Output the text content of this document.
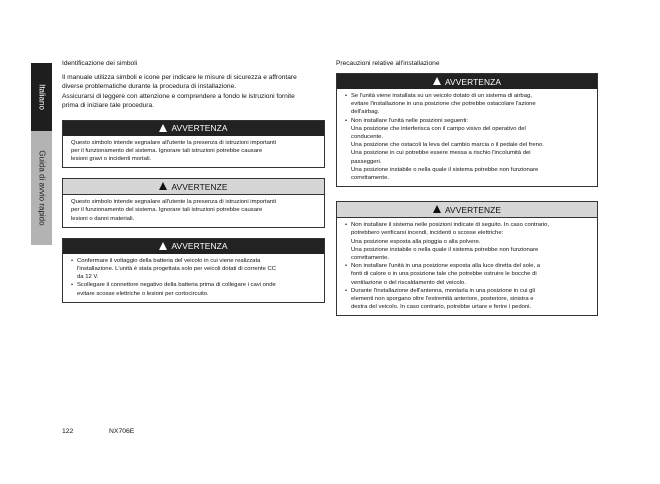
Italiano
Guida di avvio rapido
Identificazione dei simboli
Il manuale utilizza simboli e icone per indicare le misure di sicurezza e affrontare
diverse problematiche durante la procedura di installazione.
Assicurarsi di leggere con attenzione e comprendere a fondo le istruzioni fornite
prima di iniziare tale procedura.
AVVERTENZA

Questo simbolo intende segnalare all'utente la presenza di istruzioni importanti

per il funzionamento del sistema. Ignorare tali istruzioni potrebbe causare

lesioni gravi o incidenti mortali.

AVVERTENZE

Questo simbolo intende segnalare all'utente la presenza di istruzioni importanti

per il funzionamento del sistema. Ignorare tali istruzioni potrebbe causare

lesioni o danni materiali.

AVVERTENZA
• Confermare il voltaggio della batteria del veicolo in cui viene realizzata
l'installazione. L'unità è stata progettata solo per veicoli dotati di corrente CC
da 12 V.
• Scollegare il connettore negativo della batteria prima di collegare i cavi onde
evitare scosse elettriche o lesioni per cortocircuito.
Precauzioni relative all'installazione
AVVERTENZA
• Se l'unità viene installata su un veicolo dotato di un sistema di airbag,
evitare l'installazione in una posizione che potrebbe ostacolare l'azione
dell'airbag.
• Non installare l'unità nelle posizioni seguenti:
Una posizione che interferisca con il campo visivo del operativo del
conducente.
Una posizione che ostacoli la leva del cambio marcia o il pedale del freno.
Una posizione in cui potrebbe essere messa a rischio l'incolumità dei
passeggeri.
Una posizione instabile o nella quale il sistema potrebbe non funzionare
correttamente.
AVVERTENZE
• Non installare il sistema nelle posizioni indicate di seguito. In caso contrario,
potrebbero verificarsi incendi, incidenti o scosse elettriche:
Una posizione esposta alla pioggia o alla polvere.
Una posizione instabile o nella quale il sistema potrebbe non funzionare
correttamente.
• Non installare l'unità in una posizione esposta alla luce diretta del sole, a
fonti di calore o in una posizione tale che potrebbe ostruire le bocche di
ventilazione o del riscaldamento del veicolo.
• Durante l'installazione dell'antenna, montarla in una posizione in cui gli
elementi non sporgano oltre l'estremità anteriore, posteriore, sinistra e
destra del veicolo. In caso contrario, potrebbe urtare e ferire i pedoni.
122	NX706E
